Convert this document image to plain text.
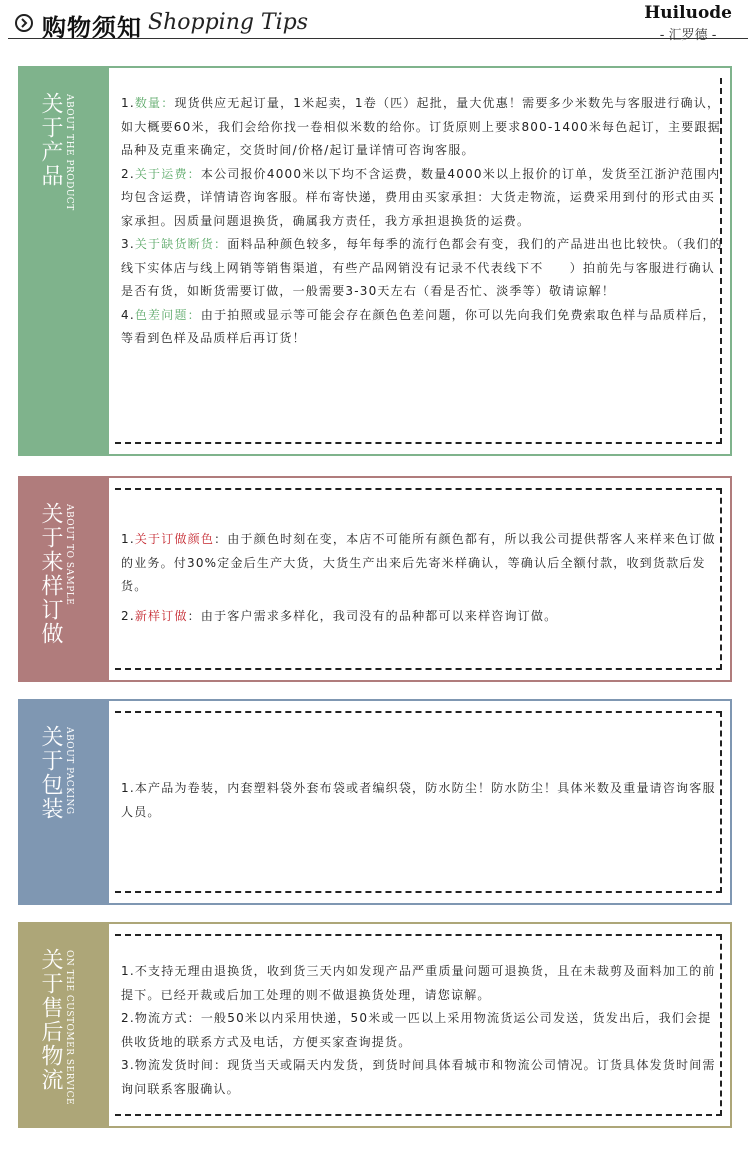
购物须知 Shopping Tips	Huiluode
- 汇罗德 -
关于产品 ABOUT THE PRODUCT	1.数量：现货供应无起订量，1米起卖，1卷（匹）起批，量大优惠！需要多少米数先与客服进行确认，如大概要60米，我们会给你找一卷相似米数的给你。订货原则上要求800-1400米每色起订，主要跟据品种及克重来确定，交货时间/价格/起订量详情可咨询客服。

2.关于运费：本公司报价4000米以下均不含运费，数量4000米以上报价的订单，发货至江浙沪范围内均包含运费，详情请咨询客服。样布寄快递，费用由买家承担：大货走物流，运费采用到付的形式由买家承担。因质量问题退换货，确属我方责任，我方承担退换货的运费。

3.关于缺货断货：面料品种颜色较多，每年每季的流行色都会有变，我们的产品进出也比较快。（我们的线下实体店与线上网销等销售渠道，有些产品网销没有记录不代表线下不　　）拍前先与客服进行确认是否有货，如断货需要订做，一般需要3-30天左右（看是否忙、淡季等）敬请谅解！

4.色差问题：由于拍照或显示等可能会存在颜色色差问题，你可以先向我们免费索取色样与品质样后，等看到色样及品质样后再订货！

关于来样订做 ABOUT TO SAMPLE	1.关于订做颜色：由于颜色时刻在变，本店不可能所有颜色都有，所以我公司提供帮客人来样来色订做的业务。付30%定金后生产大货，大货生产出来后先寄米样确认，等确认后全额付款，收到货款后发货。

2.新样订做：由于客户需求多样化，我司没有的品种都可以来样咨询订做。

关于包装 ABOUT PACKING	1.本产品为卷装，内套塑料袋外套布袋或者编织袋，防水防尘！防水防尘！具体米数及重量请咨询客服人员。

关于售后物流 ON THE CUSTOMER SERVICE	1.不支持无理由退换货，收到货三天内如发现产品严重质量问题可退换货，且在未裁剪及面料加工的前提下。已经开裁或后加工处理的则不做退换货处理，请您谅解。

2.物流方式：一般50米以内采用快递，50米或一匹以上采用物流货运公司发送，货发出后，我们会提供收货地的联系方式及电话，方便买家查询提货。

3.物流发货时间：现货当天或隔天内发货，到货时间具体看城市和物流公司情况。订货具体发货时间需询问联系客服确认。
